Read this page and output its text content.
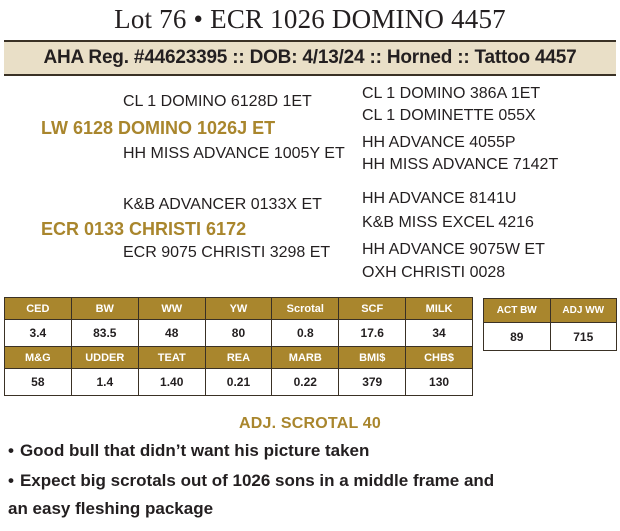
Lot 76 • ECR 1026 DOMINO 4457
AHA Reg. #44623395 :: DOB: 4/13/24 :: Horned :: Tattoo 4457
CL 1 DOMINO 6128D 1ET
LW 6128 DOMINO 1026J ET
HH MISS ADVANCE 1005Y ET
CL 1 DOMINO 386A 1ET
CL 1 DOMINETTE 055X
HH ADVANCE 4055P
HH MISS ADVANCE 7142T
K&B ADVANCER 0133X ET
ECR 0133 CHRISTI 6172
ECR 9075 CHRISTI 3298 ET
HH ADVANCE 8141U
K&B MISS EXCEL 4216
HH ADVANCE 9075W ET
OXH CHRISTI 0028
CED	BW	WW	YW	Scrotal	SCF	MILK
3.4	83.5	48	80	0.8	17.6	34
M&G	UDDER	TEAT	REA	MARB	BMI$	CHB$
58	1.4	1.40	0.21	0.22	379	130
ACT BW	ADJ WW
89	715
ADJ. SCROTAL 40
• Good bull that didn’t want his picture taken
• Expect big scrotals out of 1026 sons in a middle frame and
an easy fleshing package
